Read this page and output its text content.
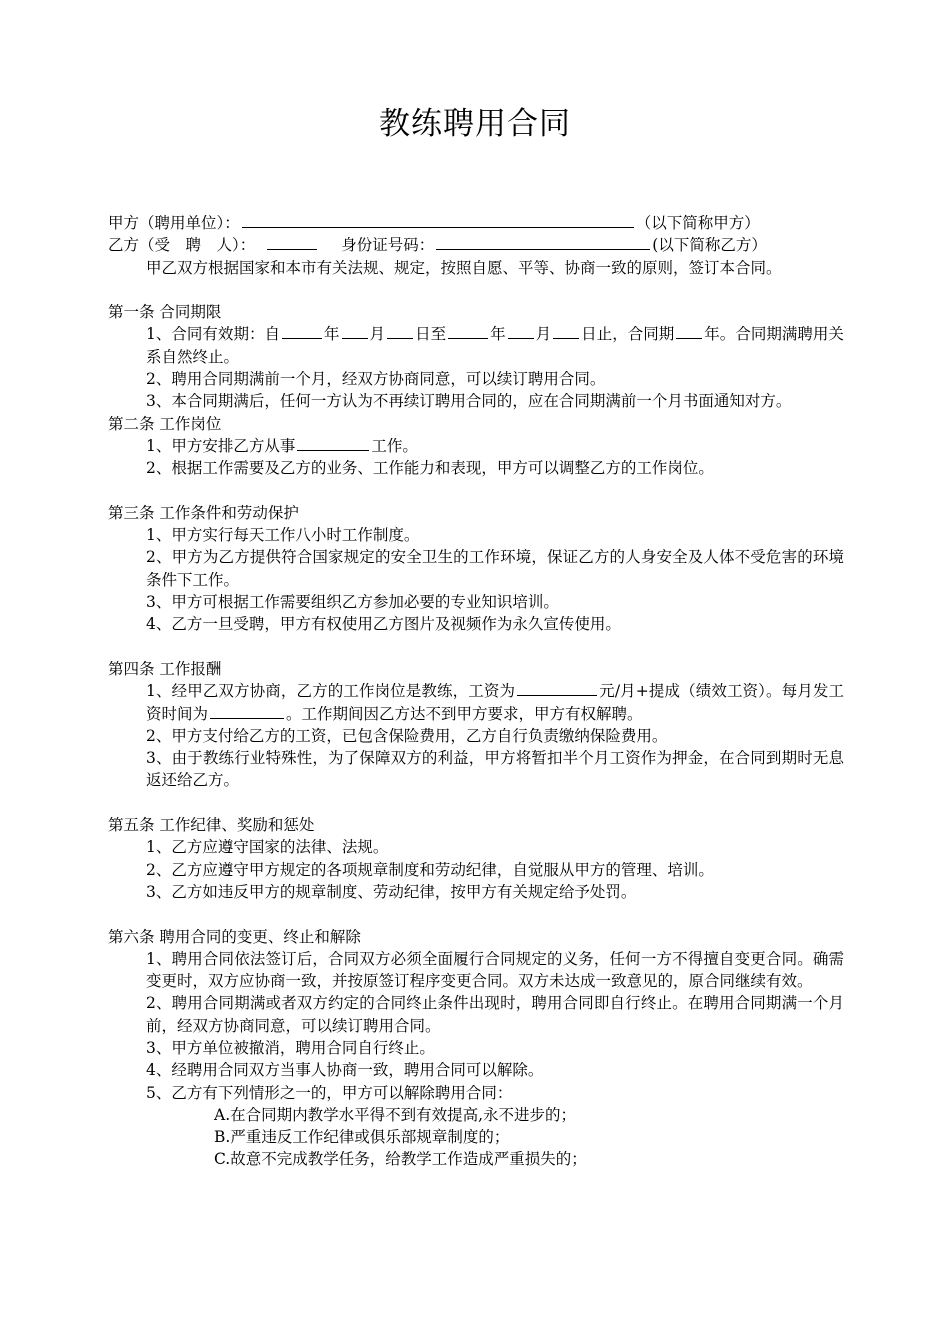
教练聘用合同
甲方（聘用单位）：	（以下简称甲方）
乙方（受　聘　人）：	身份证号码：	(以下简称乙方）
甲乙双方根据国家和本市有关法规、规定，按照自愿、平等、协商一致的原则，签订本合同。
第一条 合同期限
1、合同有效期：自	年 月 日至	年 月 日止，合同期 年。合同期满聘用关系自然终止。
2、聘用合同期满前一个月，经双方协商同意，可以续订聘用合同。
3、本合同期满后，任何一方认为不再续订聘用合同的，应在合同期满前一个月书面通知对方。
第二条 工作岗位
1、甲方安排乙方从事	工作。
2、根据工作需要及乙方的业务、工作能力和表现，甲方可以调整乙方的工作岗位。
第三条 工作条件和劳动保护
1、甲方实行每天工作八小时工作制度。
2、甲方为乙方提供符合国家规定的安全卫生的工作环境，保证乙方的人身安全及人体不受危害的环境条件下工作。
3、甲方可根据工作需要组织乙方参加必要的专业知识培训。
4、乙方一旦受聘，甲方有权使用乙方图片及视频作为永久宣传使用。
第四条 工作报酬
1、经甲乙双方协商，乙方的工作岗位是教练，工资为	元/月+提成（绩效工资）。每月发工资时间为	。工作期间因乙方达不到甲方要求，甲方有权解聘。
2、甲方支付给乙方的工资，已包含保险费用，乙方自行负责缴纳保险费用。
3、由于教练行业特殊性，为了保障双方的利益，甲方将暂扣半个月工资作为押金，在合同到期时无息返还给乙方。
第五条 工作纪律、奖励和惩处
1、乙方应遵守国家的法律、法规。
2、乙方应遵守甲方规定的各项规章制度和劳动纪律，自觉服从甲方的管理、培训。
3、乙方如违反甲方的规章制度、劳动纪律，按甲方有关规定给予处罚。
第六条 聘用合同的变更、终止和解除
1、聘用合同依法签订后，合同双方必须全面履行合同规定的义务，任何一方不得擅自变更合同。确需变更时，双方应协商一致，并按原签订程序变更合同。双方未达成一致意见的，原合同继续有效。
2、聘用合同期满或者双方约定的合同终止条件出现时，聘用合同即自行终止。在聘用合同期满一个月前，经双方协商同意，可以续订聘用合同。
3、甲方单位被撤消，聘用合同自行终止。
4、经聘用合同双方当事人协商一致，聘用合同可以解除。
5、乙方有下列情形之一的，甲方可以解除聘用合同：
A.在合同期内教学水平得不到有效提高,永不进步的；
B.严重违反工作纪律或俱乐部规章制度的；
C.故意不完成教学任务，给教学工作造成严重损失的；
